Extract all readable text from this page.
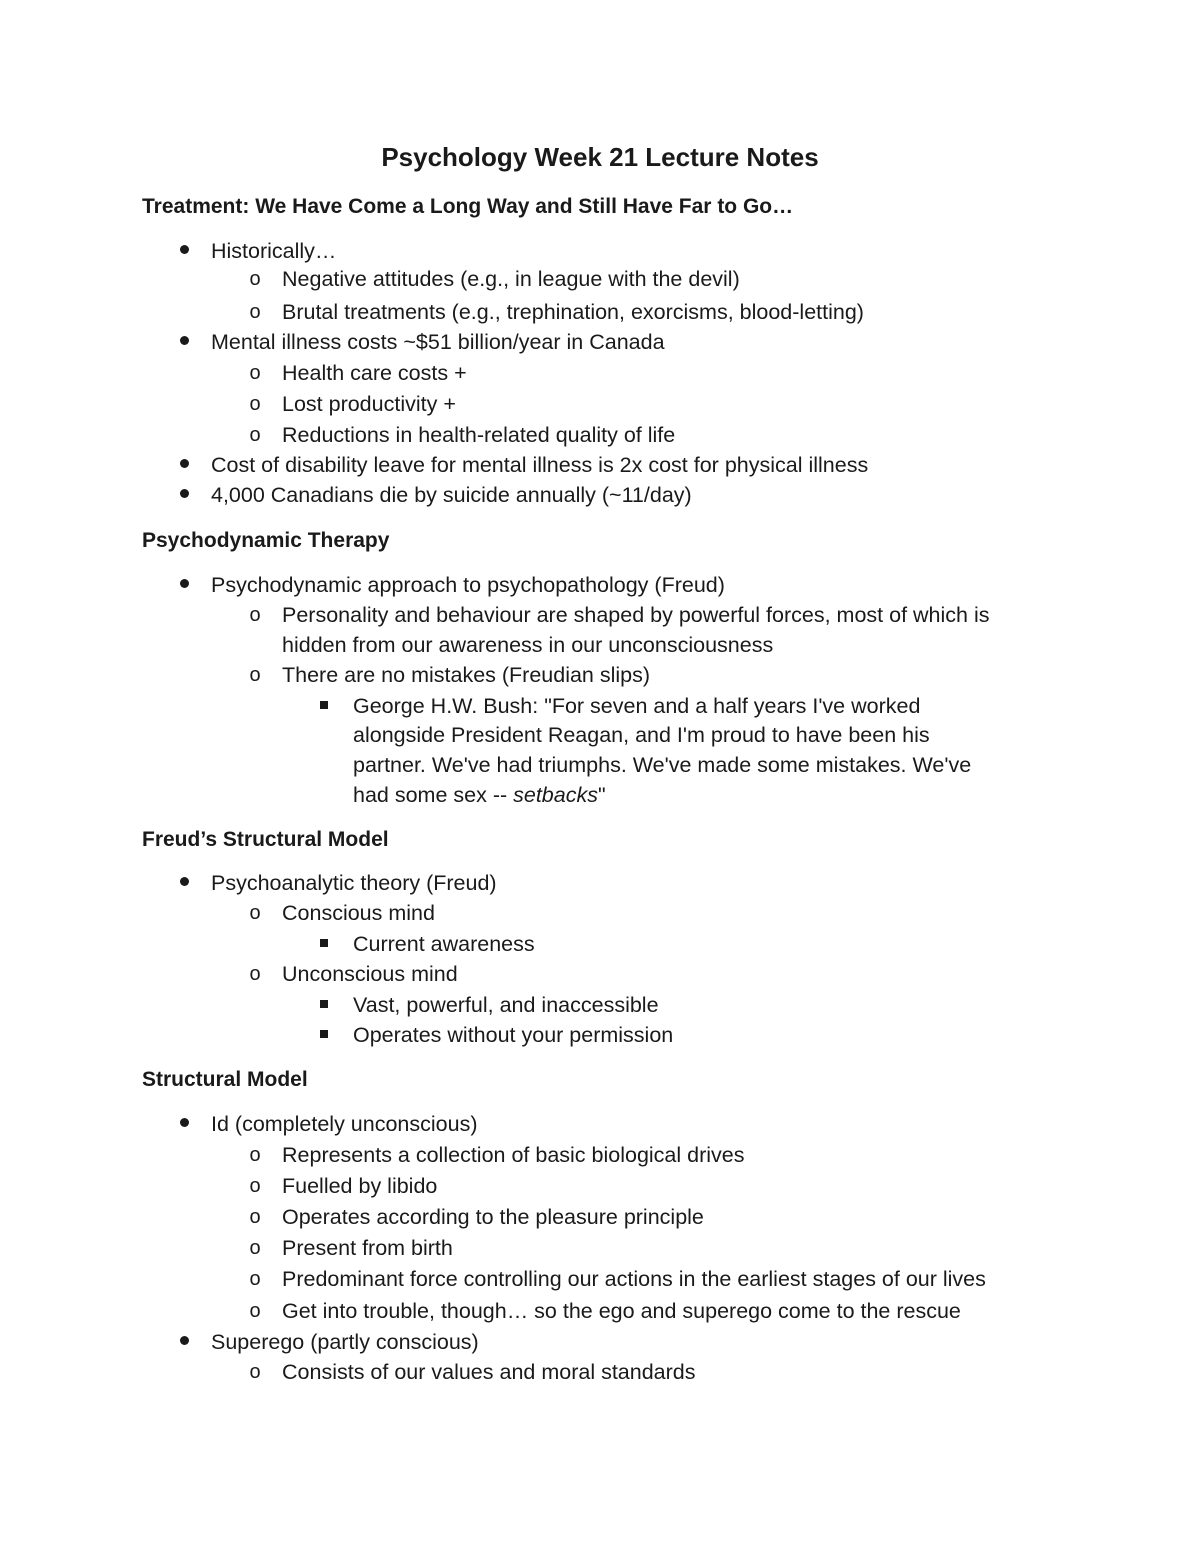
Psychology Week 21 Lecture Notes
Treatment: We Have Come a Long Way and Still Have Far to Go…
Historically…
o Negative attitudes (e.g., in league with the devil)
o Brutal treatments (e.g., trephination, exorcisms, blood-letting)
Mental illness costs ~$51 billion/year in Canada
o Health care costs +
o Lost productivity +
o Reductions in health-related quality of life
Cost of disability leave for mental illness is 2x cost for physical illness
4,000 Canadians die by suicide annually (~11/day)
Psychodynamic Therapy
Psychodynamic approach to psychopathology (Freud)
o Personality and behaviour are shaped by powerful forces, most of which is
hidden from our awareness in our unconsciousness
o There are no mistakes (Freudian slips)
George H.W. Bush: "For seven and a half years I've worked
alongside President Reagan, and I'm proud to have been his
partner. We've had triumphs. We've made some mistakes. We've
had some sex -- setbacks"
Freud’s Structural Model
Psychoanalytic theory (Freud)
o Conscious mind
Current awareness
o Unconscious mind
Vast, powerful, and inaccessible
Operates without your permission
Structural Model
Id (completely unconscious)
o Represents a collection of basic biological drives
o Fuelled by libido
o Operates according to the pleasure principle
o Present from birth
o Predominant force controlling our actions in the earliest stages of our lives
o Get into trouble, though… so the ego and superego come to the rescue
Superego (partly conscious)
o Consists of our values and moral standards
